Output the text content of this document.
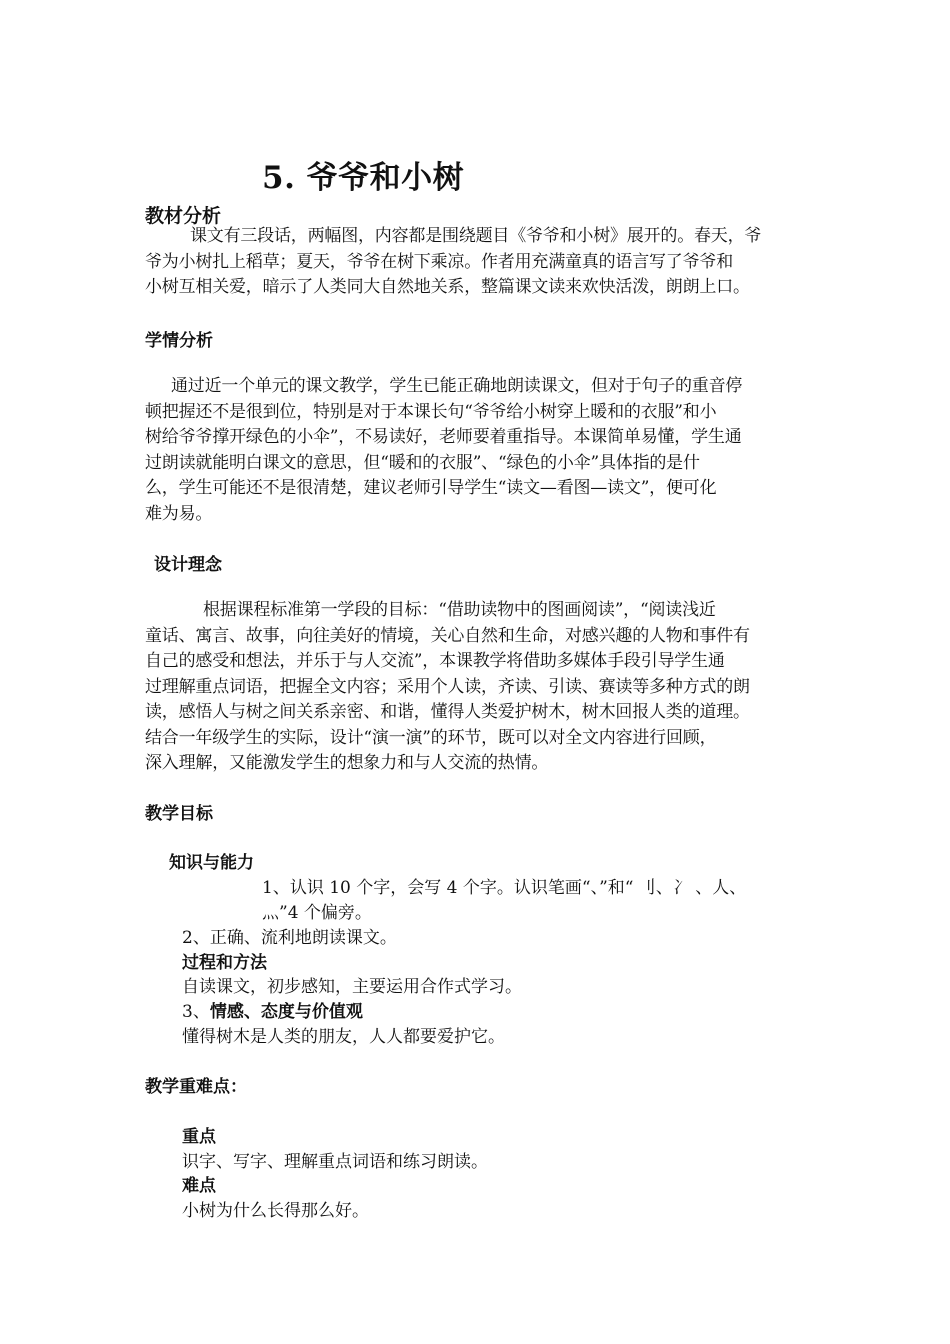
5. 爷爷和小树
教材分析
课文有三段话，两幅图，内容都是围绕题目《爷爷和小树》展开的。春天，爷
爷为小树扎上稻草；夏天，爷爷在树下乘凉。作者用充满童真的语言写了爷爷和
小树互相关爱，暗示了人类同大自然地关系，整篇课文读来欢快活泼，朗朗上口。
学情分析
通过近一个单元的课文教学，学生已能正确地朗读课文，但对于句子的重音停
顿把握还不是很到位，特别是对于本课长句“爷爷给小树穿上暖和的衣服”和小
树给爷爷撑开绿色的小伞”，不易读好，老师要着重指导。本课简单易懂，学生通
过朗读就能明白课文的意思，但“暖和的衣服”、“绿色的小伞”具体指的是什
么，学生可能还不是很清楚，建议老师引导学生“读文—看图—读文”，便可化
难为易。
设计理念
根据课程标准第一学段的目标：“借助读物中的图画阅读”，“阅读浅近
童话、寓言、故事，向往美好的情境，关心自然和生命，对感兴趣的人物和事件有
自己的感受和想法，并乐于与人交流”，本课教学将借助多媒体手段引导学生通
过理解重点词语，把握全文内容；采用个人读，齐读、引读、赛读等多种方式的朗
读，感悟人与树之间关系亲密、和谐，懂得人类爱护树木，树木回报人类的道理。
结合一年级学生的实际，设计“演一演”的环节，既可以对全文内容进行回顾，
深入理解，又能激发学生的想象力和与人交流的热情。
教学目标
知识与能力
1、认识 10 个字，会写 4 个字。认识笔画“、”和“ 刂、冫 、人、
灬”4 个偏旁。
2、正确、流利地朗读课文。
过程和方法
自读课文，初步感知，主要运用合作式学习。
3、情感、态度与价值观
懂得树木是人类的朋友，人人都要爱护它。
教学重难点：
重点
识字、写字、理解重点词语和练习朗读。
难点
小树为什么长得那么好。
